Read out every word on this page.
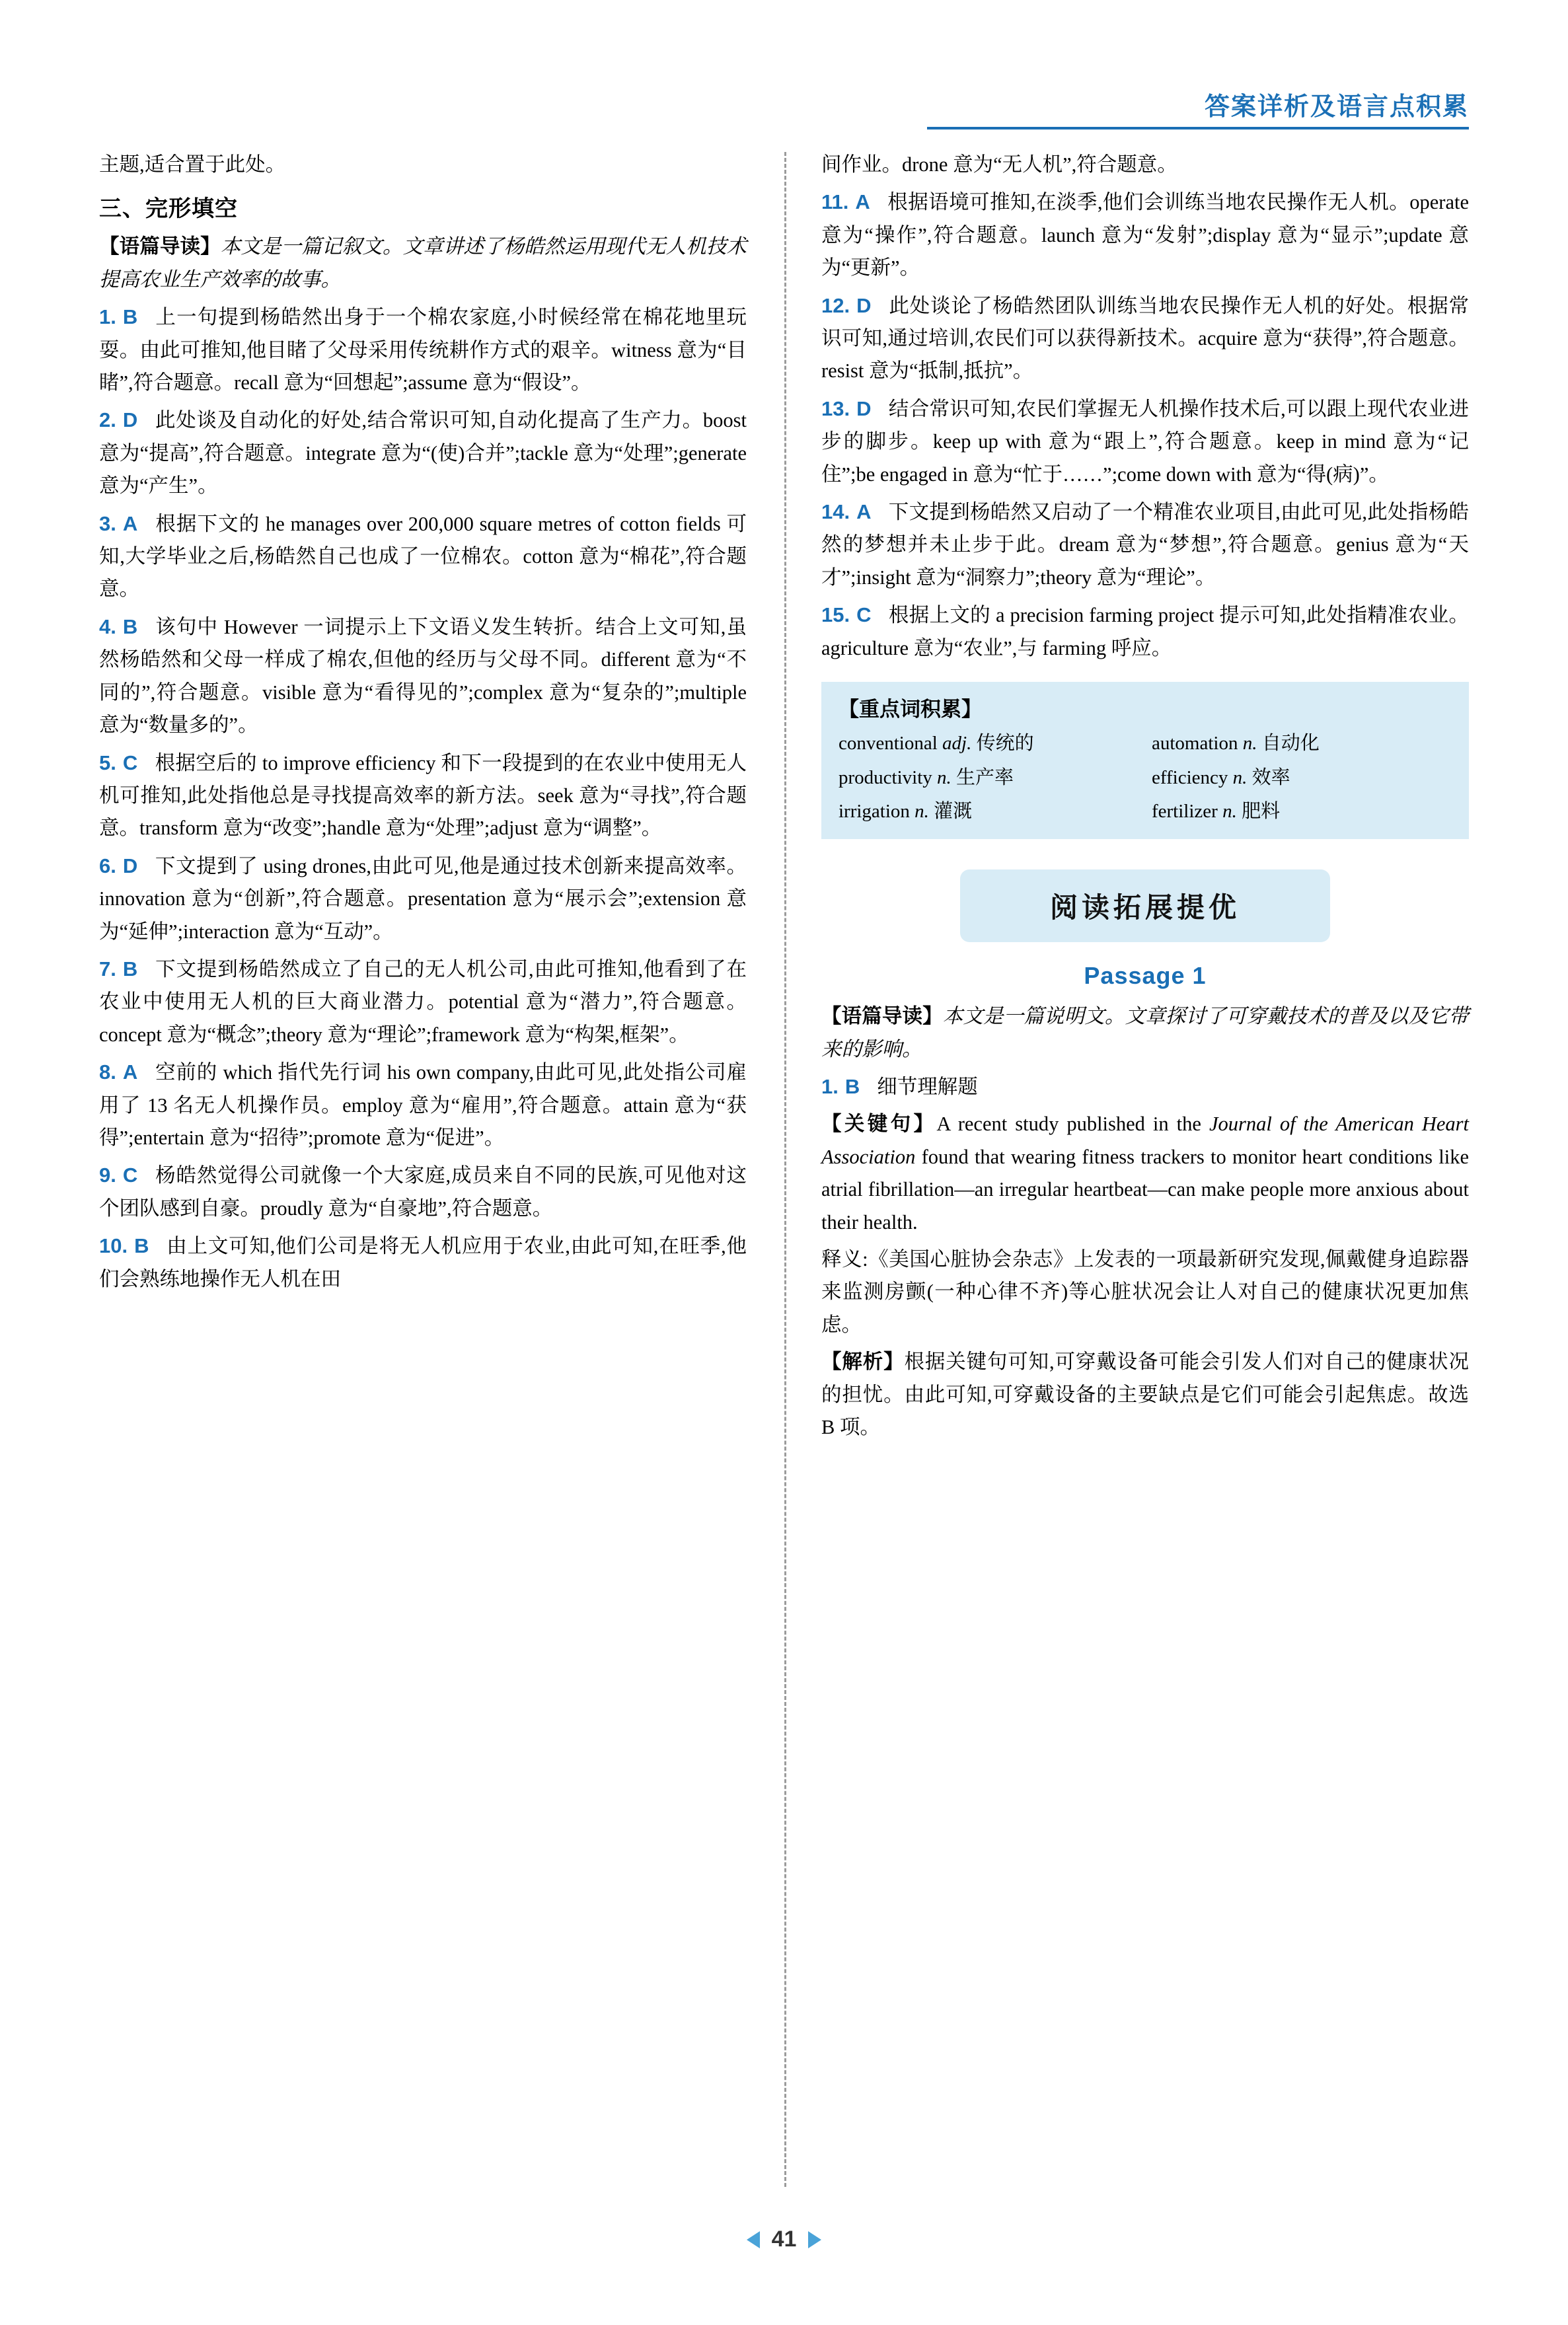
答案详析及语言点积累

主题,适合置于此处。

三、完形填空

【语篇导读】本文是一篇记叙文。文章讲述了杨皓然运用现代无人机技术提高农业生产效率的故事。

1. B 上一句提到杨皓然出身于一个棉农家庭,小时候经常在棉花地里玩耍。由此可推知,他目睹了父母采用传统耕作方式的艰辛。witness 意为“目睹”,符合题意。recall 意为“回想起”;assume 意为“假设”。

2. D 此处谈及自动化的好处,结合常识可知,自动化提高了生产力。boost 意为“提高”,符合题意。integrate 意为“(使)合并”;tackle 意为“处理”;generate 意为“产生”。

3. A 根据下文的 he manages over 200,000 square metres of cotton fields 可知,大学毕业之后,杨皓然自己也成了一位棉农。cotton 意为“棉花”,符合题意。

4. B 该句中 However 一词提示上下文语义发生转折。结合上文可知,虽然杨皓然和父母一样成了棉农,但他的经历与父母不同。different 意为“不同的”,符合题意。visible 意为“看得见的”;complex 意为“复杂的”;multiple 意为“数量多的”。

5. C 根据空后的 to improve efficiency 和下一段提到的在农业中使用无人机可推知,此处指他总是寻找提高效率的新方法。seek 意为“寻找”,符合题意。transform 意为“改变”;handle 意为“处理”;adjust 意为“调整”。

6. D 下文提到了 using drones,由此可见,他是通过技术创新来提高效率。innovation 意为“创新”,符合题意。presentation 意为“展示会”;extension 意为“延伸”;interaction 意为“互动”。

7. B 下文提到杨皓然成立了自己的无人机公司,由此可推知,他看到了在农业中使用无人机的巨大商业潜力。potential 意为“潜力”,符合题意。concept 意为“概念”;theory 意为“理论”;framework 意为“构架,框架”。

8. A 空前的 which 指代先行词 his own company,由此可见,此处指公司雇用了 13 名无人机操作员。employ 意为“雇用”,符合题意。attain 意为“获得”;entertain 意为“招待”;promote 意为“促进”。

9. C 杨皓然觉得公司就像一个大家庭,成员来自不同的民族,可见他对这个团队感到自豪。proudly 意为“自豪地”,符合题意。

10. B 由上文可知,他们公司是将无人机应用于农业,由此可知,在旺季,他们会熟练地操作无人机在田

间作业。drone 意为“无人机”,符合题意。

11. A 根据语境可推知,在淡季,他们会训练当地农民操作无人机。operate 意为“操作”,符合题意。launch 意为“发射”;display 意为“显示”;update 意为“更新”。

12. D 此处谈论了杨皓然团队训练当地农民操作无人机的好处。根据常识可知,通过培训,农民们可以获得新技术。acquire 意为“获得”,符合题意。resist 意为“抵制,抵抗”。

13. D 结合常识可知,农民们掌握无人机操作技术后,可以跟上现代农业进步的脚步。keep up with 意为“跟上”,符合题意。keep in mind 意为“记住”;be engaged in 意为“忙于……”;come down with 意为“得(病)”。

14. A 下文提到杨皓然又启动了一个精准农业项目,由此可见,此处指杨皓然的梦想并未止步于此。dream 意为“梦想”,符合题意。genius 意为“天才”;insight 意为“洞察力”;theory 意为“理论”。

15. C 根据上文的 a precision farming project 提示可知,此处指精准农业。agriculture 意为“农业”,与 farming 呼应。

【重点词积累】
conventional adj. 传统的	automation n. 自动化
productivity n. 生产率	efficiency n. 效率
irrigation n. 灌溉	fertilizer n. 肥料
阅读拓展提优
Passage 1

【语篇导读】本文是一篇说明文。文章探讨了可穿戴技术的普及以及它带来的影响。

1. B 细节理解题

【关键句】A recent study published in the Journal of the American Heart Association found that wearing fitness trackers to monitor heart conditions like atrial fibrillation—an irregular heartbeat—can make people more anxious about their health.

释义:《美国心脏协会杂志》上发表的一项最新研究发现,佩戴健身追踪器来监测房颤(一种心律不齐)等心脏状况会让人对自己的健康状况更加焦虑。

【解析】根据关键句可知,可穿戴设备可能会引发人们对自己的健康状况的担忧。由此可知,可穿戴设备的主要缺点是它们可能会引起焦虑。故选 B 项。

41
